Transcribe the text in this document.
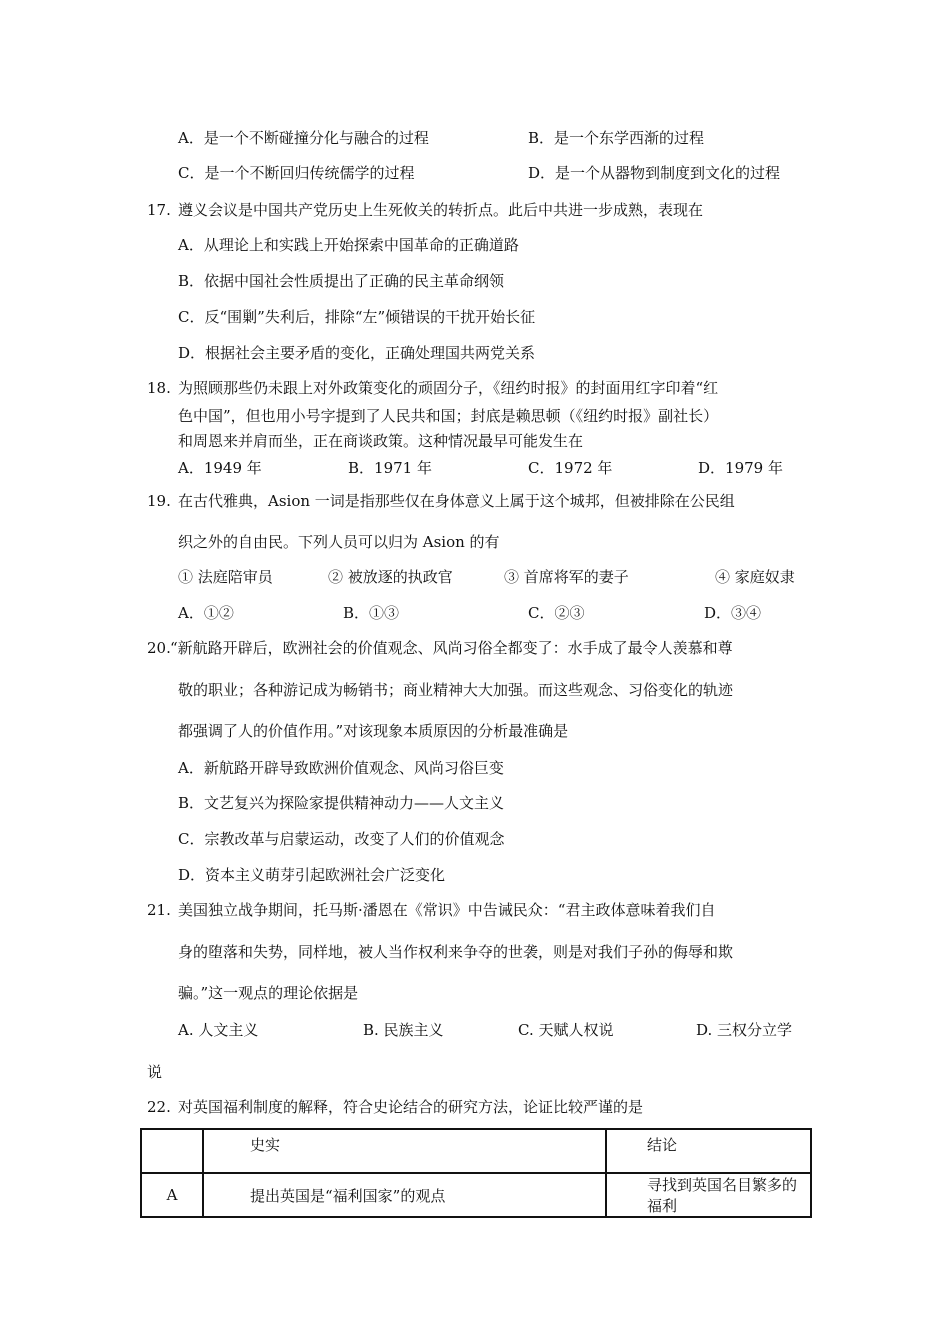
A．是一个不断碰撞分化与融合的过程	B．是一个东学西渐的过程
C．是一个不断回归传统儒学的过程	D．是一个从器物到制度到文化的过程
17. 遵义会议是中国共产党历史上生死攸关的转折点。此后中共进一步成熟，表现在
A．从理论上和实践上开始探索中国革命的正确道路
B．依据中国社会性质提出了正确的民主革命纲领
C．反“围剿”失利后，排除“左”倾错误的干扰开始长征
D．根据社会主要矛盾的变化，正确处理国共两党关系
18. 为照顾那些仍未跟上对外政策变化的顽固分子，《纽约时报》的封面用红字印着“红
色中国”，但也用小号字提到了人民共和国；封底是赖思顿（《纽约时报》副社长）
和周恩来并肩而坐，正在商谈政策。这种情况最早可能发生在
A．1949 年	B．1971 年	C．1972 年	D．1979 年
19. 在古代雅典，Asion 一词是指那些仅在身体意义上属于这个城邦，但被排除在公民组
织之外的自由民。下列人员可以归为 Asion 的有
① 法庭陪审员	② 被放逐的执政官	③ 首席将军的妻子	④ 家庭奴隶
A．①②	B．①③	C．②③	D．③④
20. “新航路开辟后，欧洲社会的价值观念、风尚习俗全都变了：水手成了最令人羡慕和尊
敬的职业；各种游记成为畅销书；商业精神大大加强。而这些观念、习俗变化的轨迹
都强调了人的价值作用。”对该现象本质原因的分析最准确是
A．新航路开辟导致欧洲价值观念、风尚习俗巨变
B．文艺复兴为探险家提供精神动力——人文主义
C．宗教改革与启蒙运动，改变了人们的价值观念
D．资本主义萌芽引起欧洲社会广泛变化
21. 美国独立战争期间，托马斯·潘恩在《常识》中告诫民众：“君主政体意味着我们自
身的堕落和失势，同样地，被人当作权利来争夺的世袭，则是对我们子孙的侮辱和欺
骗。”这一观点的理论依据是
A. 人文主义	B. 民族主义	C. 天赋人权说	D. 三权分立学
说
22. 对英国福利制度的解释，符合史论结合的研究方法，论证比较严谨的是
	史实	结论
A	提出英国是“福利国家”的观点	寻找到英国名目繁多的福利
